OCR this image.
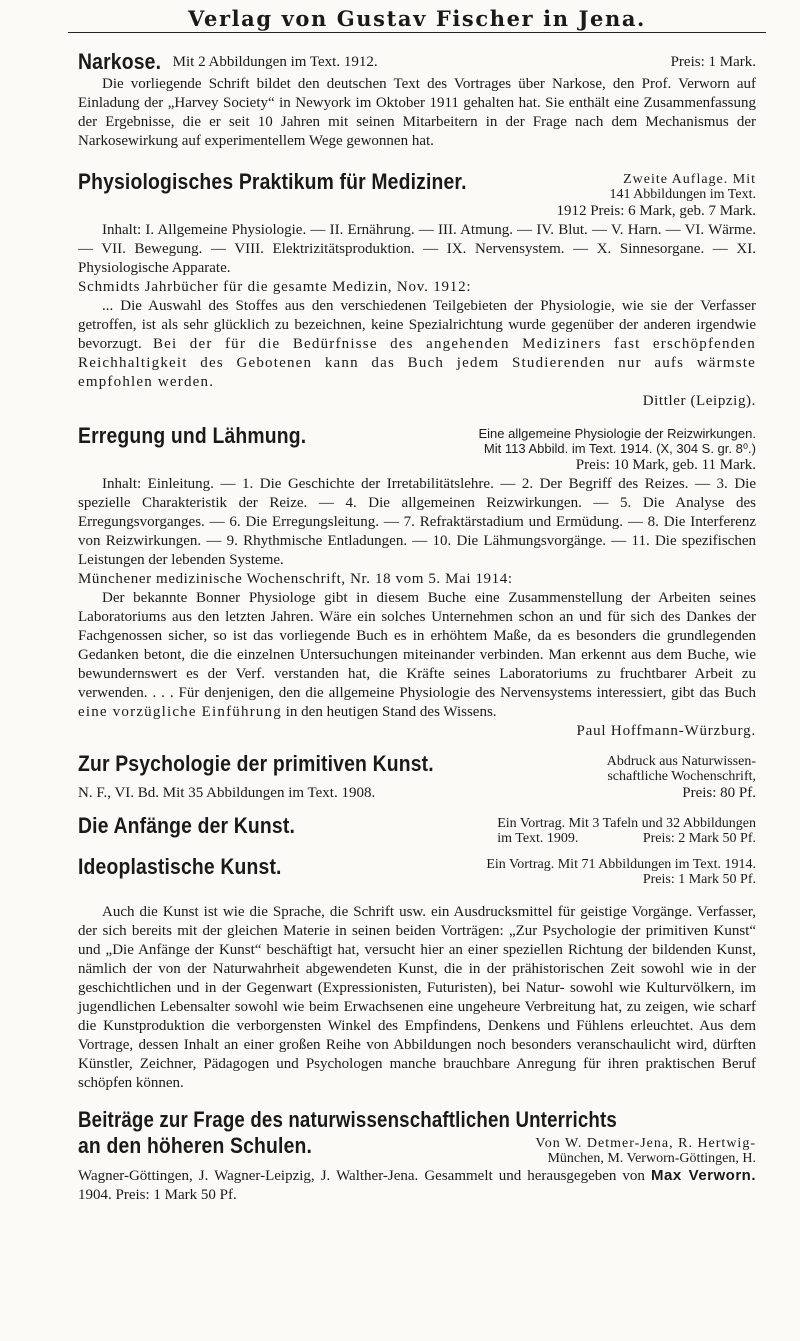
Verlag von Gustav Fischer in Jena.
Narkose. Mit 2 Abbildungen im Text. 1912.	Preis: 1 Mark.

Die vorliegende Schrift bildet den deutschen Text des Vortrages über Narkose, den Prof. Verworn auf Einladung der „Harvey Society“ in Newyork im Oktober 1911 gehalten hat. Sie enthält eine Zusammenfassung der Ergebnisse, die er seit 10 Jahren mit seinen Mitarbeitern in der Frage nach dem Mechanismus der Narkosewirkung auf experimentellem Wege gewonnen hat.

Physiologisches Praktikum für Mediziner.	Zweite Auflage. Mit
141 Abbildungen im Text.
1912 Preis: 6 Mark, geb. 7 Mark.

Inhalt: I. Allgemeine Physiologie. — II. Ernährung. — III. Atmung. — IV. Blut. — V. Harn. — VI. Wärme. — VII. Bewegung. — VIII. Elektrizitätsproduktion. — IX. Nervensystem. — X. Sinnesorgane. — XI. Physiologische Apparate.

Schmidts Jahrbücher für die gesamte Medizin, Nov. 1912:

... Die Auswahl des Stoffes aus den verschiedenen Teilgebieten der Physiologie, wie sie der Verfasser getroffen, ist als sehr glücklich zu bezeichnen, keine Spezialrichtung wurde gegenüber der anderen irgendwie bevorzugt. Bei der für die Bedürfnisse des angehenden Mediziners fast erschöpfenden Reichhaltigkeit des Gebotenen kann das Buch jedem Studierenden nur aufs wärmste empfohlen werden.

Dittler (Leipzig).
Erregung und Lähmung.	Eine allgemeine Physiologie der Reizwirkungen.
Mit 113 Abbild. im Text. 1914. (X, 304 S. gr. 8⁰.)
Preis: 10 Mark, geb. 11 Mark.

Inhalt: Einleitung. — 1. Die Geschichte der Irretabilitätslehre. — 2. Der Begriff des Reizes. — 3. Die spezielle Charakteristik der Reize. — 4. Die allgemeinen Reizwirkungen. — 5. Die Analyse des Erregungsvorganges. — 6. Die Erregungsleitung. — 7. Refraktärstadium und Ermüdung. — 8. Die Interferenz von Reizwirkungen. — 9. Rhythmische Entladungen. — 10. Die Lähmungsvorgänge. — 11. Die spezifischen Leistungen der lebenden Systeme.

Münchener medizinische Wochenschrift, Nr. 18 vom 5. Mai 1914:

Der bekannte Bonner Physiologe gibt in diesem Buche eine Zusammenstellung der Arbeiten seines Laboratoriums aus den letzten Jahren. Wäre ein solches Unternehmen schon an und für sich des Dankes der Fachgenossen sicher, so ist das vorliegende Buch es in erhöhtem Maße, da es besonders die grundlegenden Gedanken betont, die die einzelnen Untersuchungen miteinander verbinden. Man erkennt aus dem Buche, wie bewundernswert es der Verf. verstanden hat, die Kräfte seines Laboratoriums zu fruchtbarer Arbeit zu verwenden. . . . Für denjenigen, den die allgemeine Physiologie des Nervensystems interessiert, gibt das Buch eine vorzügliche Einführung in den heutigen Stand des Wissens.

Paul Hoffmann-Würzburg.
Zur Psychologie der primitiven Kunst.	Abdruck aus Naturwissen-
schaftliche Wochenschrift,
N. F., VI. Bd. Mit 35 Abbildungen im Text. 1908.	Preis: 80 Pf.
Die Anfänge der Kunst.	Ein Vortrag. Mit 3 Tafeln und 32 Abbildungen
im Text. 1909.	Preis: 2 Mark 50 Pf.
Ideoplastische Kunst.	Ein Vortrag. Mit 71 Abbildungen im Text. 1914.
Preis: 1 Mark 50 Pf.

Auch die Kunst ist wie die Sprache, die Schrift usw. ein Ausdrucksmittel für geistige Vorgänge. Verfasser, der sich bereits mit der gleichen Materie in seinen beiden Vorträgen: „Zur Psychologie der primitiven Kunst“ und „Die Anfänge der Kunst“ beschäftigt hat, versucht hier an einer speziellen Richtung der bildenden Kunst, nämlich der von der Naturwahrheit abgewendeten Kunst, die in der prähistorischen Zeit sowohl wie in der geschichtlichen und in der Gegenwart (Expressionisten, Futuristen), bei Natur- sowohl wie Kulturvölkern, im jugendlichen Lebensalter sowohl wie beim Erwachsenen eine ungeheure Verbreitung hat, zu zeigen, wie scharf die Kunstproduktion die verborgensten Winkel des Empfindens, Denkens und Fühlens erleuchtet. Aus dem Vortrage, dessen Inhalt an einer großen Reihe von Abbildungen noch besonders veranschaulicht wird, dürften Künstler, Zeichner, Pädagogen und Psychologen manche brauchbare Anregung für ihren praktischen Beruf schöpfen können.

Beiträge zur Frage des naturwissenschaftlichen Unterrichts
an den höheren Schulen.	Von W. Detmer-Jena, R. Hertwig-
München, M. Verworn-Göttingen, H.

Wagner-Göttingen, J. Wagner-Leipzig, J. Walther-Jena. Gesammelt und herausgegeben von Max Verworn. 1904. Preis: 1 Mark 50 Pf.
